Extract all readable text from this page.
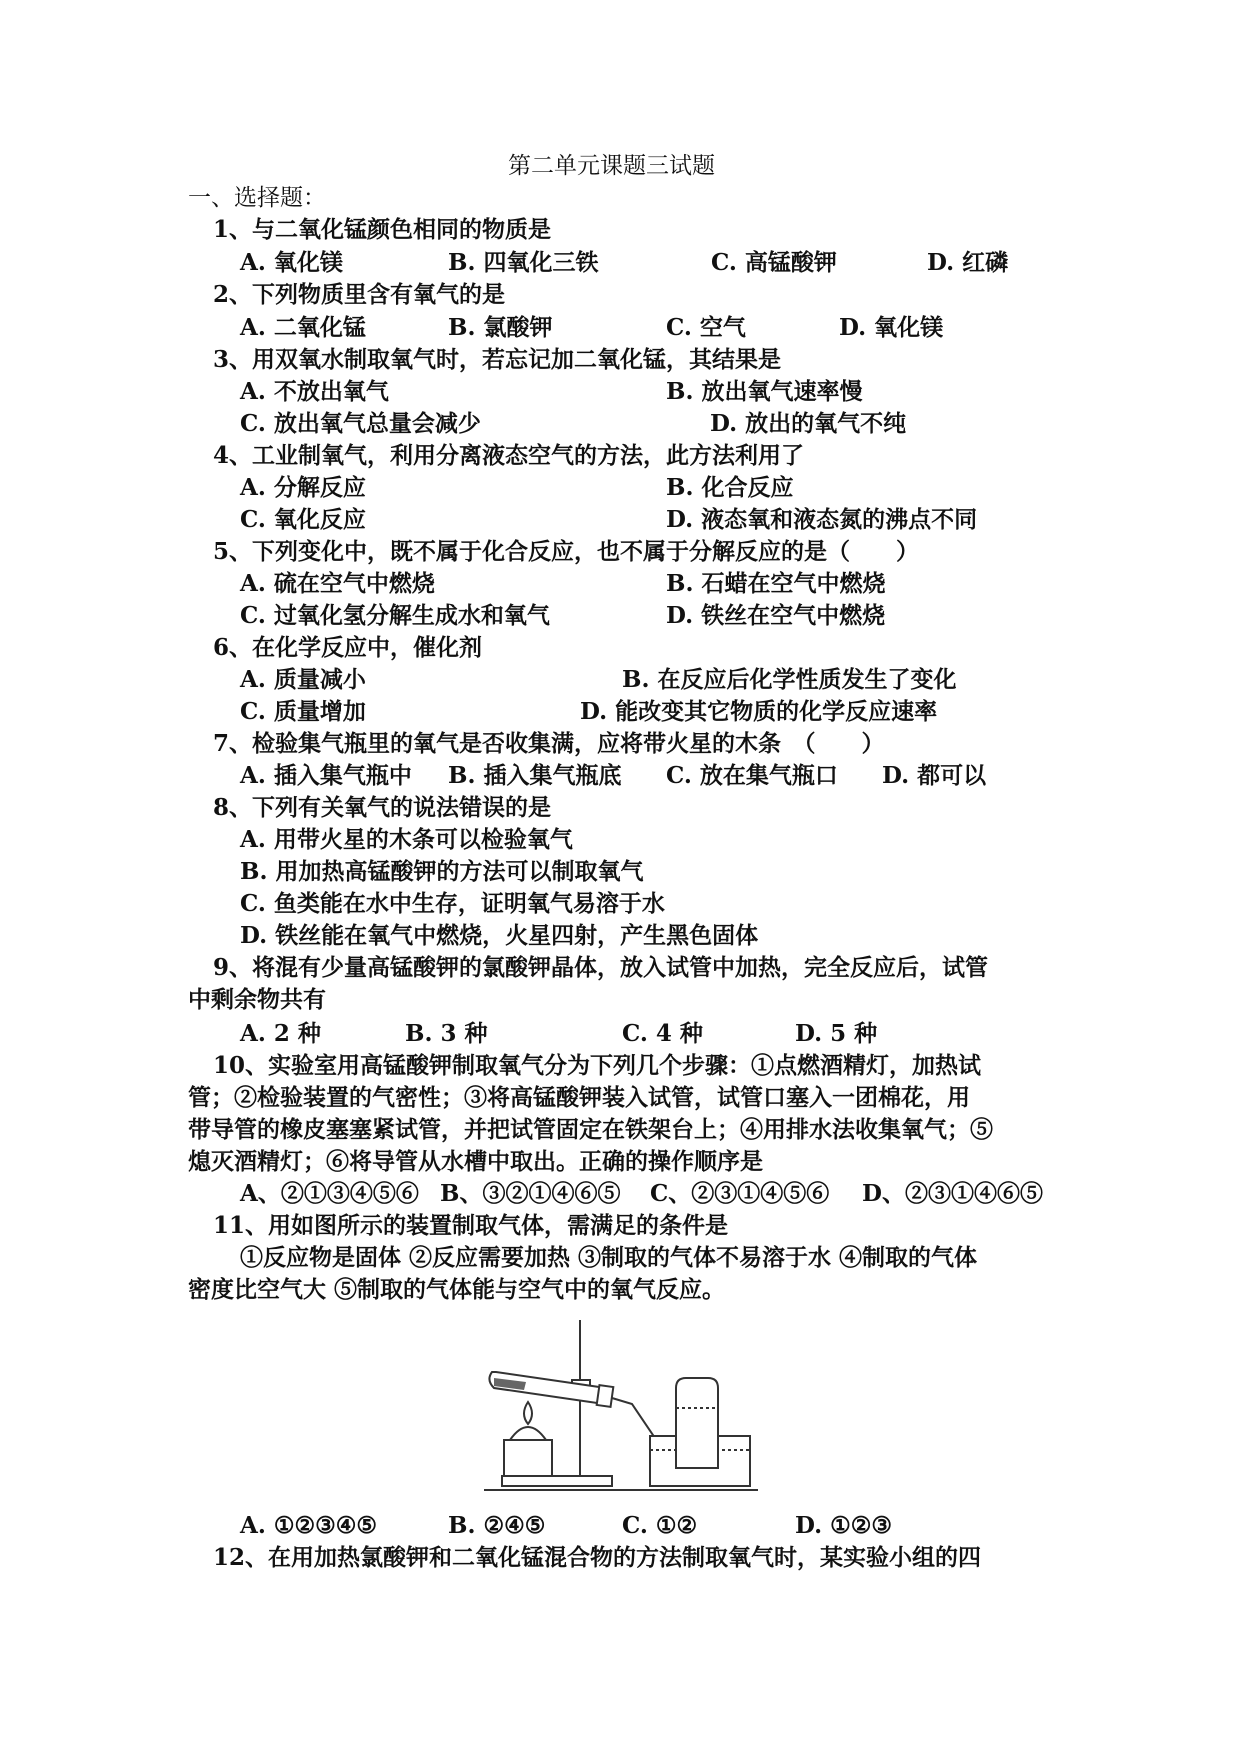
第二单元课题三试题
一、选择题：
1、与二氧化锰颜色相同的物质是
A. 氧化镁	B. 四氧化三铁	C. 高锰酸钾	D. 红磷
2、下列物质里含有氧气的是
A. 二氧化锰	B. 氯酸钾	C. 空气	D. 氧化镁
3、用双氧水制取氧气时，若忘记加二氧化锰，其结果是
A. 不放出氧气	B. 放出氧气速率慢
C. 放出氧气总量会减少	D. 放出的氧气不纯
4、工业制氧气，利用分离液态空气的方法，此方法利用了
A. 分解反应	B. 化合反应
C. 氧化反应	D. 液态氧和液态氮的沸点不同
5、下列变化中，既不属于化合反应，也不属于分解反应的是（　　）
A. 硫在空气中燃烧	B. 石蜡在空气中燃烧
C. 过氧化氢分解生成水和氧气	D. 铁丝在空气中燃烧
6、在化学反应中，催化剂
A. 质量减小	B. 在反应后化学性质发生了变化
C. 质量增加	D. 能改变其它物质的化学反应速率
7、检验集气瓶里的氧气是否收集满，应将带火星的木条　（　　）
A. 插入集气瓶中 B. 插入集气瓶底 C. 放在集气瓶口 D. 都可以
8、下列有关氧气的说法错误的是
A. 用带火星的木条可以检验氧气
B. 用加热高锰酸钾的方法可以制取氧气
C. 鱼类能在水中生存，证明氧气易溶于水
D. 铁丝能在氧气中燃烧，火星四射，产生黑色固体
9、将混有少量高锰酸钾的氯酸钾晶体，放入试管中加热，完全反应后，试管
中剩余物共有
A. 2 种	B. 3 种	C. 4 种	D. 5 种
10、实验室用高锰酸钾制取氧气分为下列几个步骤：①点燃酒精灯，加热试
管；②检验装置的气密性；③将高锰酸钾装入试管，试管口塞入一团棉花，用
带导管的橡皮塞塞紧试管，并把试管固定在铁架台上；④用排水法收集氧气；⑤
熄灭酒精灯；⑥将导管从水槽中取出。正确的操作顺序是
A、②①③④⑤⑥ B、③②①④⑥⑤ C、②③①④⑤⑥ D、②③①④⑥⑤
11、用如图所示的装置制取气体，需满足的条件是
①反应物是固体 ②反应需要加热 ③制取的气体不易溶于水 ④制取的气体
密度比空气大 ⑤制取的气体能与空气中的氧气反应。
A. ①②③④⑤	B. ②④⑤	C. ①②	D. ①②③
12、在用加热氯酸钾和二氧化锰混合物的方法制取氧气时，某实验小组的四
